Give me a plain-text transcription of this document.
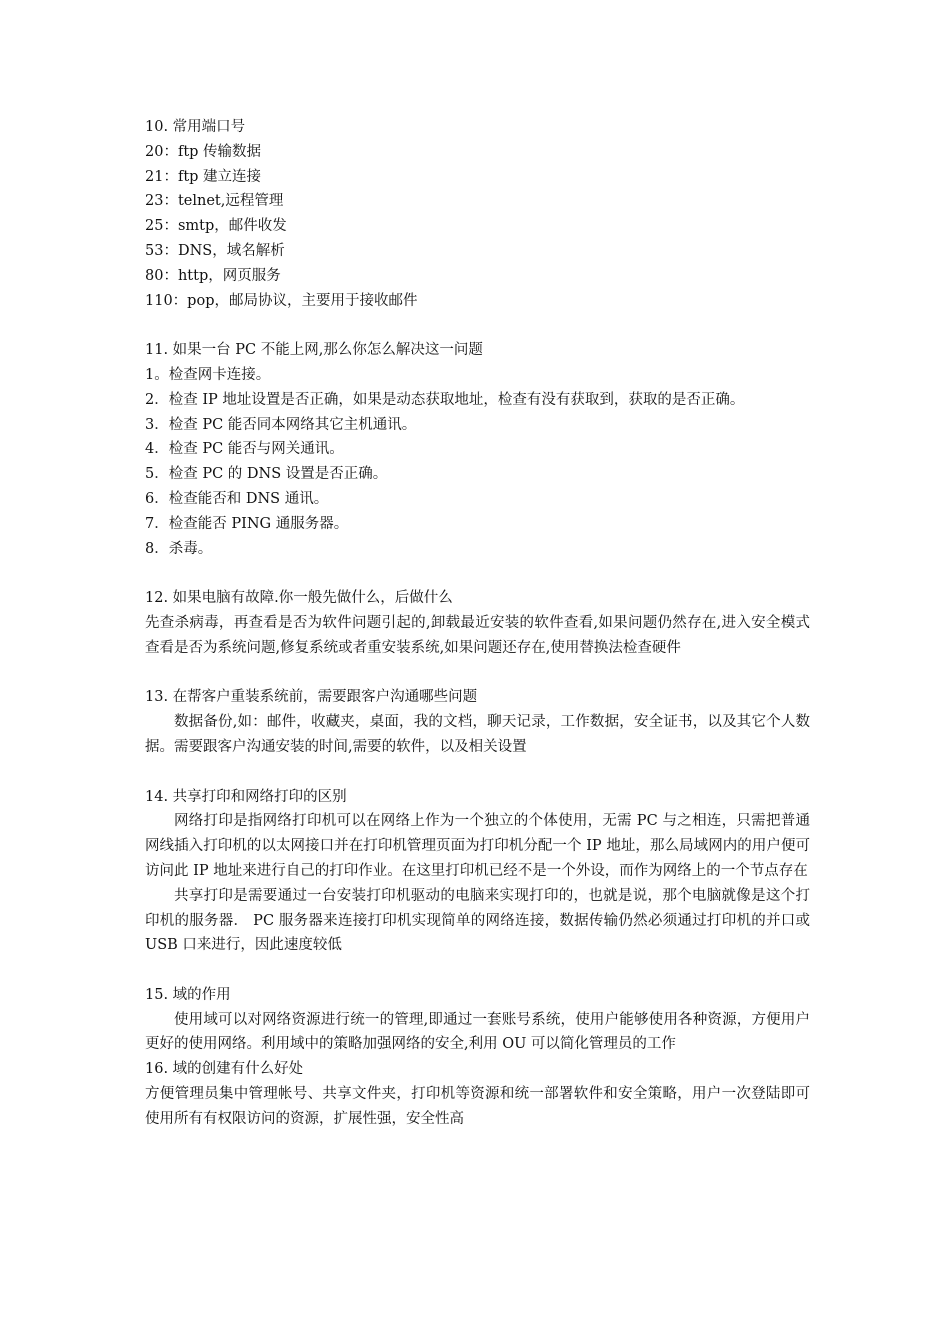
10. 常用端口号
20：ftp 传输数据
21：ftp 建立连接
23：telnet,远程管理
25：smtp，邮件收发
53：DNS，域名解析
80：http，网页服务
110：pop，邮局协议，主要用于接收邮件
11. 如果一台 PC 不能上网,那么你怎么解决这一问题
1。检查网卡连接。
2．检查 IP 地址设置是否正确，如果是动态获取地址，检查有没有获取到，获取的是否正确。
3．检查 PC 能否同本网络其它主机通讯。
4．检查 PC 能否与网关通讯。
5．检查 PC 的 DNS 设置是否正确。
6．检查能否和 DNS 通讯。
7．检查能否 PING 通服务器。
8．杀毒。
12. 如果电脑有故障.你一般先做什么，后做什么
先查杀病毒，再查看是否为软件问题引起的,卸载最近安装的软件查看,如果问题仍然存在,进入安全模式查看是否为系统问题,修复系统或者重安装系统,如果问题还存在,使用替换法检查硬件
13. 在帮客户重装系统前，需要跟客户沟通哪些问题
数据备份,如：邮件，收藏夹，桌面，我的文档，聊天记录，工作数据，安全证书，以及其它个人数据。需要跟客户沟通安装的时间,需要的软件，以及相关设置
14. 共享打印和网络打印的区别
网络打印是指网络打印机可以在网络上作为一个独立的个体使用，无需 PC 与之相连，只需把普通网线插入打印机的以太网接口并在打印机管理页面为打印机分配一个 IP 地址，那么局域网内的用户便可访问此 IP 地址来进行自己的打印作业。在这里打印机已经不是一个外设，而作为网络上的一个节点存在
共享打印是需要通过一台安装打印机驱动的电脑来实现打印的，也就是说，那个电脑就像是这个打印机的服务器． PC 服务器来连接打印机实现简单的网络连接，数据传输仍然必须通过打印机的并口或 USB 口来进行，因此速度较低
15. 域的作用
使用域可以对网络资源进行统一的管理,即通过一套账号系统，使用户能够使用各种资源，方便用户更好的使用网络。利用域中的策略加强网络的安全,利用 OU 可以简化管理员的工作
16. 域的创建有什么好处
方便管理员集中管理帐号、共享文件夹，打印机等资源和统一部署软件和安全策略，用户一次登陆即可使用所有有权限访问的资源，扩展性强，安全性高
